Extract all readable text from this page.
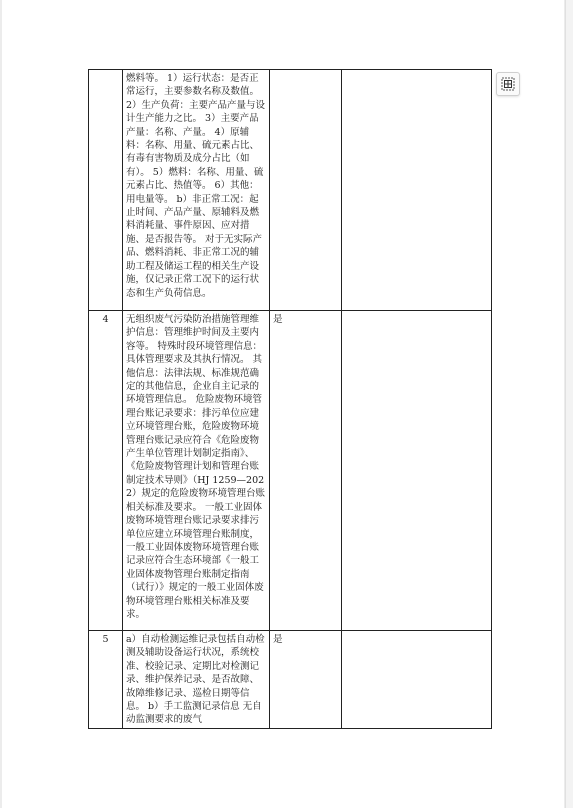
	燃料等。 1）运行状态：是否正常运行，主要参数名称及数值。 2）生产负荷：主要产品产量与设计生产能力之比。 3）主要产品产量：名称、产量。 4）原辅料：名称、用量、硫元素占比、有毒有害物质及成分占比（如有）。 5）燃料：名称、用量、硫元素占比、热值等。 6）其他：用电量等。 b）非正常工况：起止时间、产品产量、原辅料及燃料消耗量、事件原因、应对措施、是否报告等。 对于无实际产品、燃料消耗、非正常工况的辅助工程及储运工程的相关生产设施，仅记录正常工况下的运行状态和生产负荷信息。		

4	无组织废气污染防治措施管理维护信息：管理维护时间及主要内容等。 特殊时段环境管理信息：具体管理要求及其执行情况。 其他信息：法律法规、标准规范确定的其他信息，企业自主记录的环境管理信息。 危险废物环境管理台账记录要求：排污单位应建立环境管理台账，危险废物环境管理台账记录应符合《危险废物产生单位管理计划制定指南》、《危险废物管理计划和管理台账制定技术导则》（HJ 1259—2022）规定的危险废物环境管理台账相关标准及要求。 一般工业固体废物环境管理台账记录要求排污单位应建立环境管理台账制度，一般工业固体废物环境管理台账记录应符合生态环境部《一般工业固体废物管理台账制定指南（试行）》规定的一般工业固体废物环境管理台账相关标准及要求。	是	
5	a）自动检测运维记录包括自动检测及辅助设备运行状况，系统校准、校验记录、定期比对检测记录、维护保养记录、是否故障、故障维修记录、巡检日期等信息。 b）手工监测记录信息 无自动监测要求的废气	是	
